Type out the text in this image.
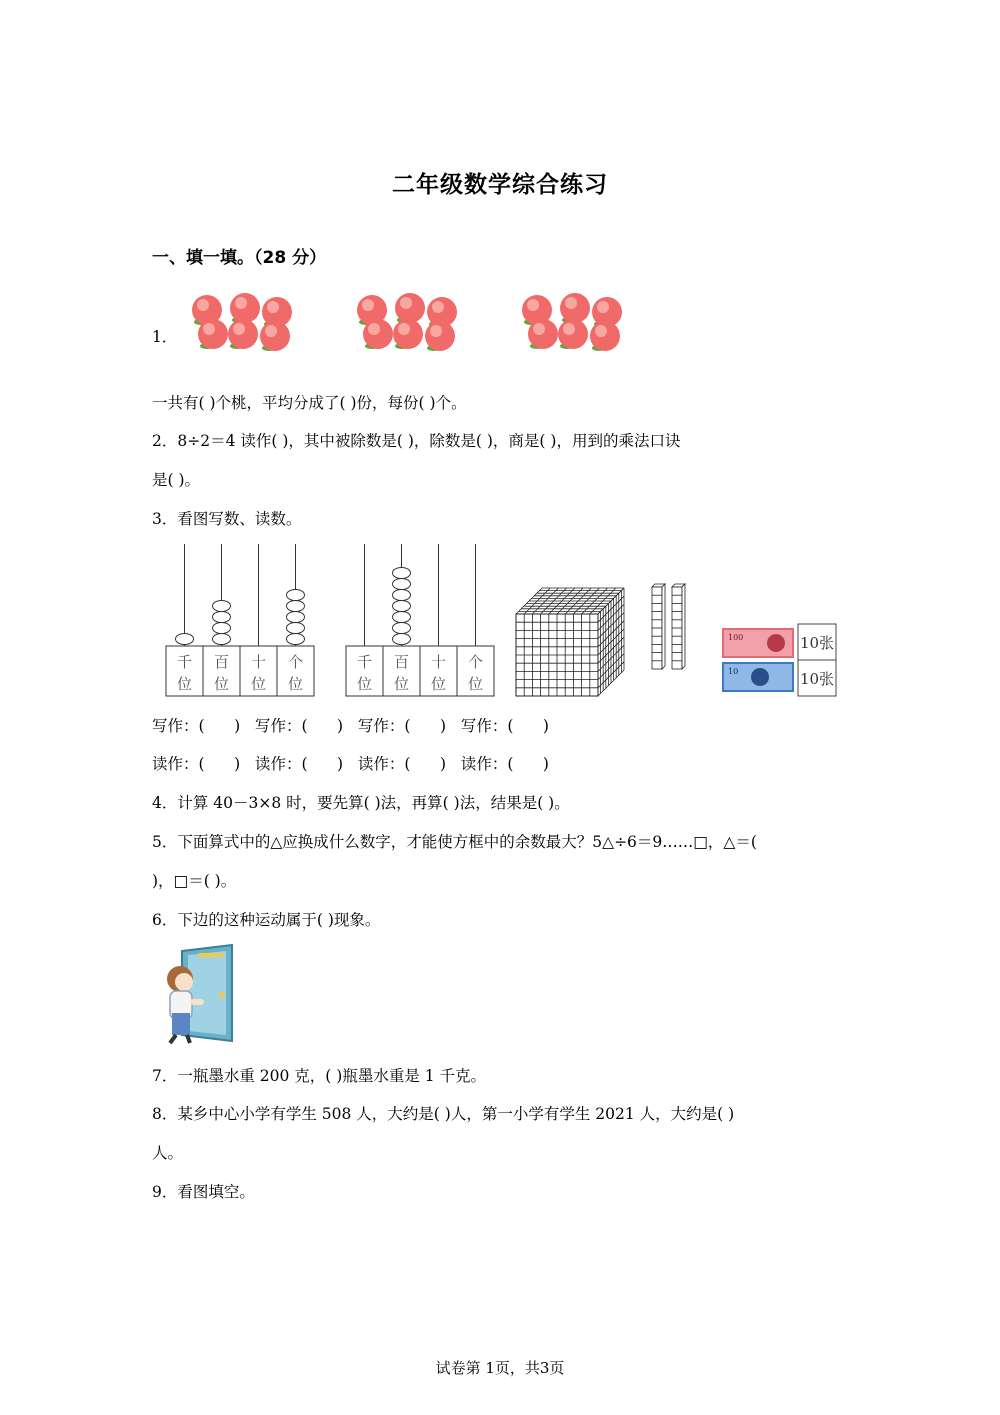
二年级数学综合练习
一、填一填。（28 分）
1．
一共有( )个桃，平均分成了( )份，每份( )个。
2．8÷2＝4 读作( )，其中被除数是( )，除数是( )，商是( )，用到的乘法口诀
是( )。
3．看图写数、读数。
千
位
百
位
十
位
个
位
千
位
百
位
十
位
个
位
100
10
10张
10张
写作：(      )   写作：(      )   写作：(      )   写作：(      )
读作：(      )   读作：(      )   读作：(      )   读作：(      )
4．计算 40－3×8 时，要先算( )法，再算( )法，结果是( )。
5．下面算式中的△应换成什么数字，才能使方框中的余数最大？5△÷6＝9……□，△＝(
)，□＝( )。
6．下边的这种运动属于( )现象。
7．一瓶墨水重 200 克，( )瓶墨水重是 1 千克。
8．某乡中心小学有学生 508 人，大约是( )人，第一小学有学生 2021 人，大约是( )
人。
9．看图填空。
试卷第 1页，共3页
